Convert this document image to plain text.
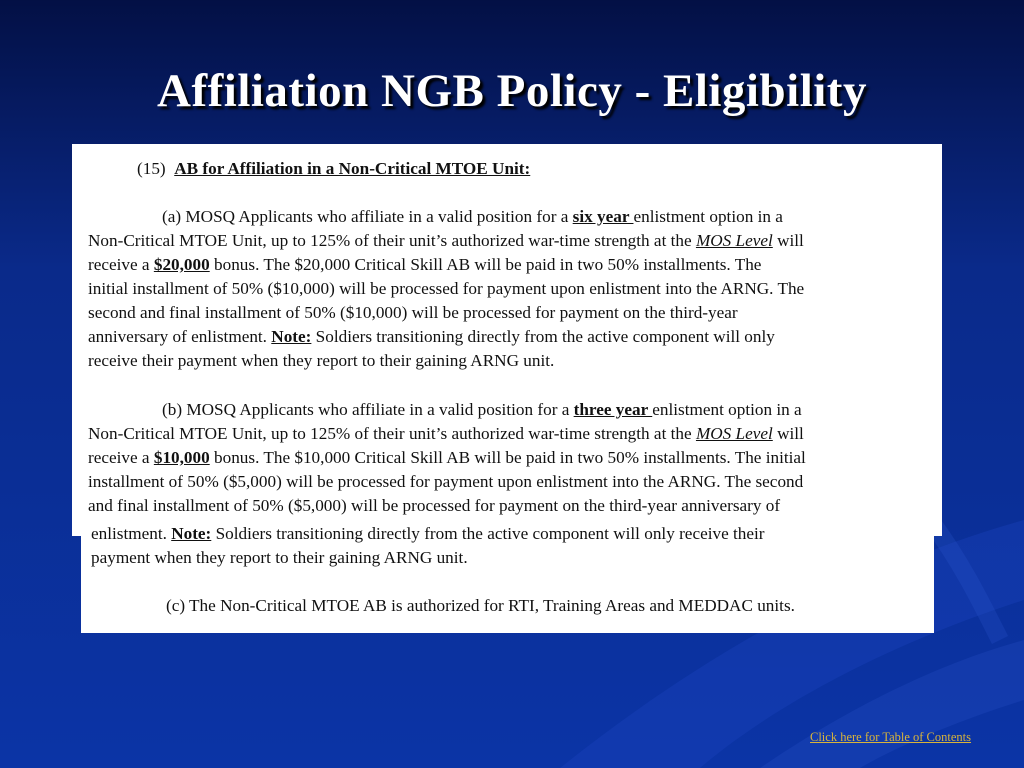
Affiliation NGB Policy - Eligibility
(15) AB for Affiliation in a Non-Critical MTOE Unit:
(a) MOSQ Applicants who affiliate in a valid position for a six year enlistment option in a
Non-Critical MTOE Unit, up to 125% of their unit’s authorized war-time strength at the MOS Level will
receive a $20,000 bonus. The $20,000 Critical Skill AB will be paid in two 50% installments. The
initial installment of 50% ($10,000) will be processed for payment upon enlistment into the ARNG. The
second and final installment of 50% ($10,000) will be processed for payment on the third-year
anniversary of enlistment. Note: Soldiers transitioning directly from the active component will only
receive their payment when they report to their gaining ARNG unit.
(b) MOSQ Applicants who affiliate in a valid position for a three year enlistment option in a
Non-Critical MTOE Unit, up to 125% of their unit’s authorized war-time strength at the MOS Level will
receive a $10,000 bonus. The $10,000 Critical Skill AB will be paid in two 50% installments. The initial
installment of 50% ($5,000) will be processed for payment upon enlistment into the ARNG. The second
and final installment of 50% ($5,000) will be processed for payment on the third-year anniversary of
enlistment. Note: Soldiers transitioning directly from the active component will only receive their
payment when they report to their gaining ARNG unit.
(c) The Non-Critical MTOE AB is authorized for RTI, Training Areas and MEDDAC units.
Click here for Table of Contents
